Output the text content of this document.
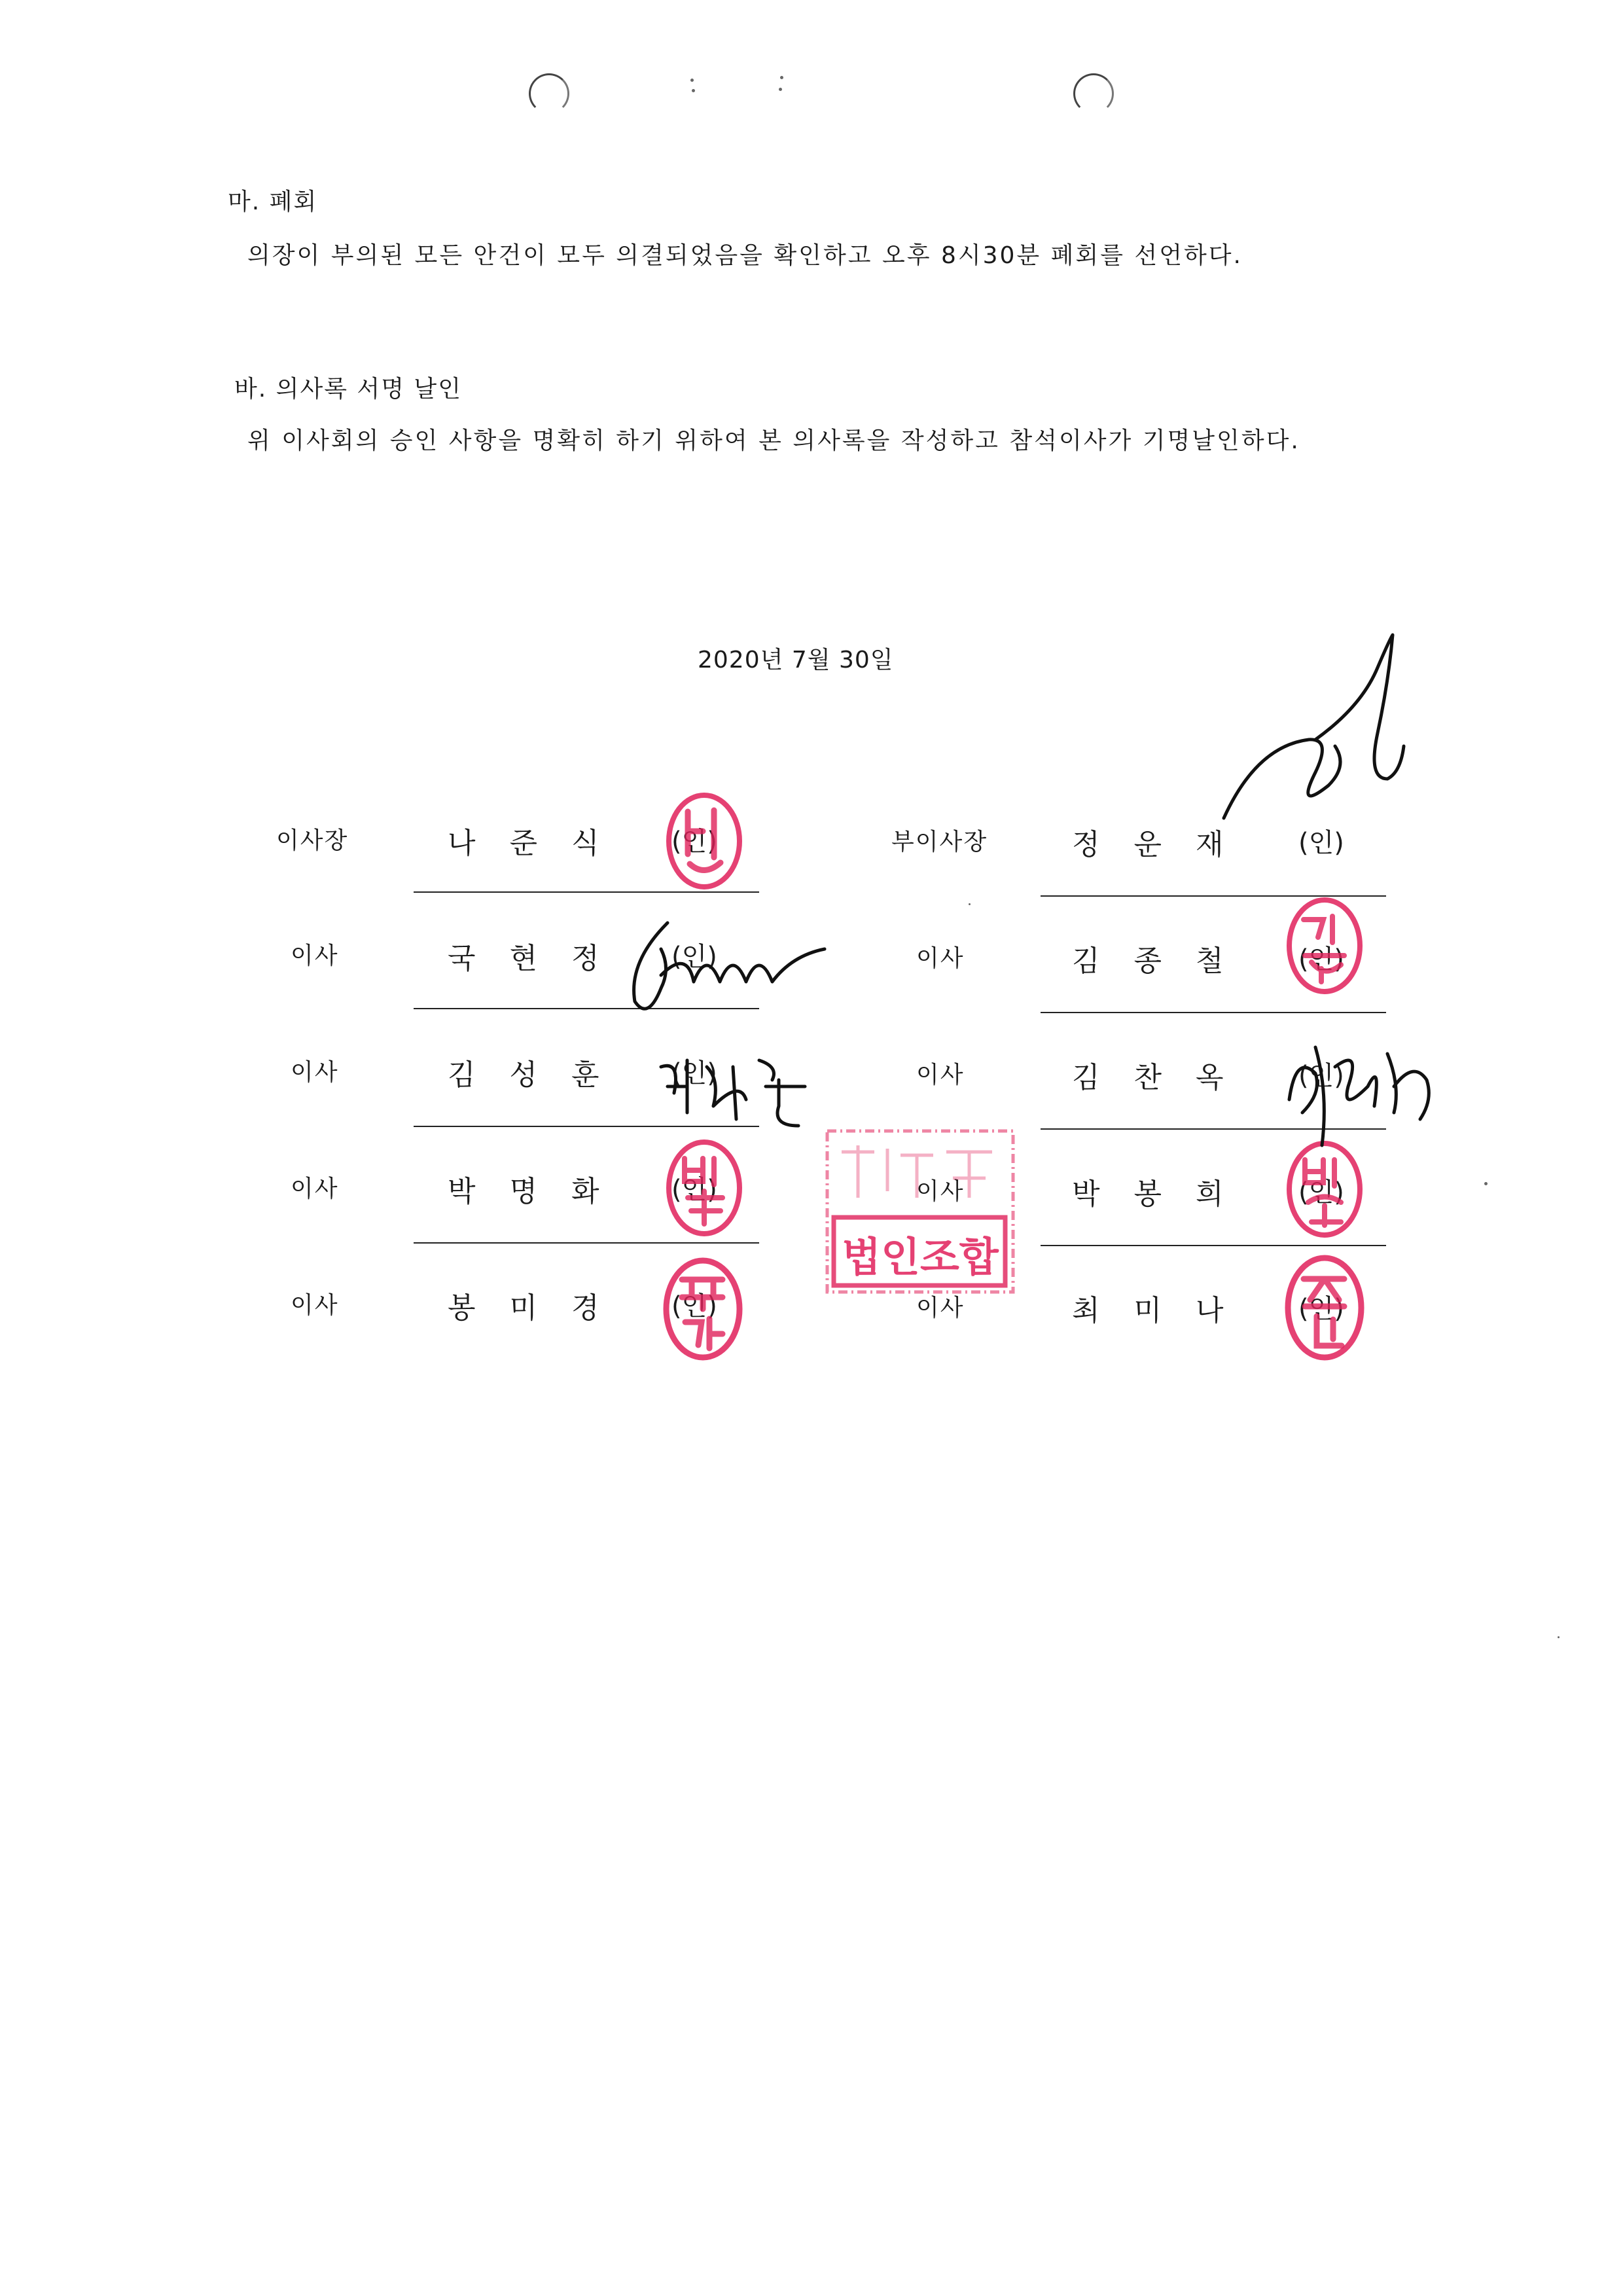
마. 폐회
의장이 부의된 모든 안건이 모두 의결되었음을 확인하고 오후 8시30분 폐회를 선언하다.
바. 의사록 서명 날인
위 이사회의 승인 사항을 명확히 하기 위하여 본 의사록을 작성하고 참석이사가 기명날인하다.
2020년 7월 30일
이사장	나준식 (인)
이사	국현정 (인)
이사	김성훈 (인)
이사	박명화 (인)
이사	봉미경 (인)
부이사장	정운재 (인)
이사	김종철 (인)
이사	김찬옥 (인)
이사	박봉희 (인)
이사	최미나 (인)
법인조합
